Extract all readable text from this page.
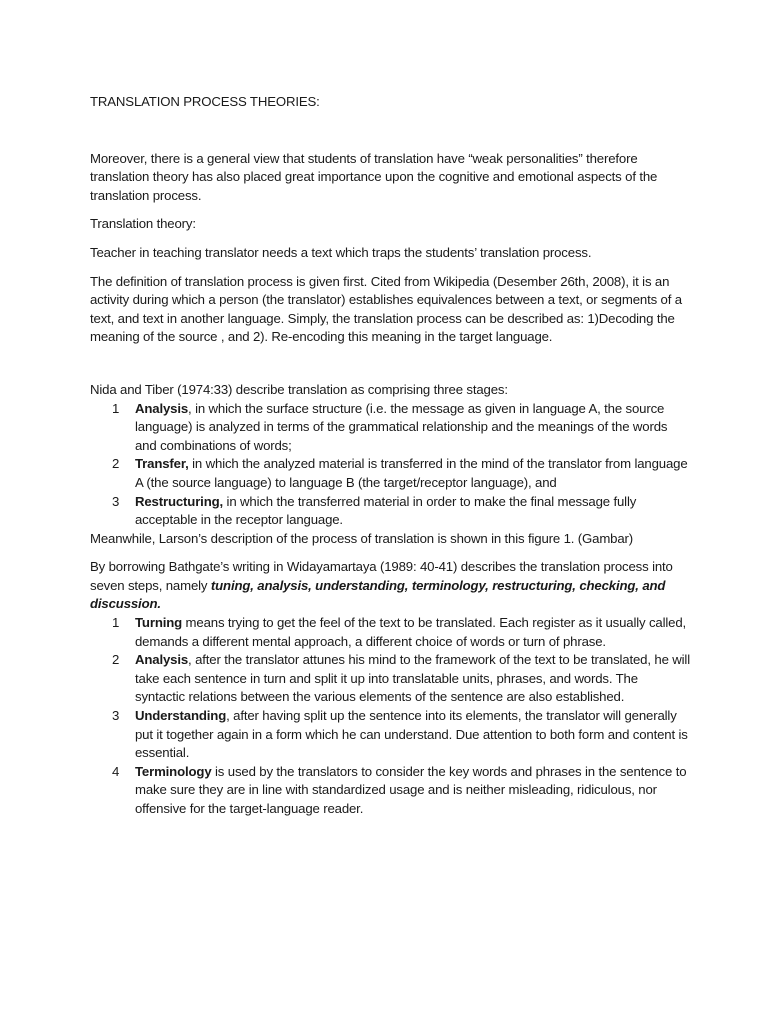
TRANSLATION PROCESS THEORIES:

Moreover, there is a general view that students of translation have “weak personalities” therefore translation theory has also placed great importance upon the cognitive and emotional aspects of the translation process.

Translation theory:

Teacher in teaching translator needs a text which traps the students’ translation process.

The definition of translation process is given first. Cited from Wikipedia (Desember 26th, 2008), it is an activity during which a person (the translator) establishes equivalences between a text, or segments of a text, and text in another language. Simply, the translation process can be described as: 1)Decoding the meaning of the source , and 2). Re-encoding this meaning in the target language.

Nida and Tiber (1974:33) describe translation as comprising three stages:

1 Analysis, in which the surface structure (i.e. the message as given in language A, the source language) is analyzed in terms of the grammatical relationship and the meanings of the words and combinations of words;
2 Transfer, in which the analyzed material is transferred in the mind of the translator from language A (the source language) to language B (the target/receptor language), and
3 Restructuring, in which the transferred material in order to make the final message fully acceptable in the receptor language.

Meanwhile, Larson’s description of the process of translation is shown in this figure 1. (Gambar)

By borrowing Bathgate’s writing in Widayamartaya (1989: 40-41) describes the translation process into seven steps, namely tuning, analysis, understanding, terminology, restructuring, checking, and discussion.

1 Turning means trying to get the feel of the text to be translated. Each register as it usually called, demands a different mental approach, a different choice of words or turn of phrase.
2 Analysis, after the translator attunes his mind to the framework of the text to be translated, he will take each sentence in turn and split it up into translatable units, phrases, and words. The syntactic relations between the various elements of the sentence are also established.
3 Understanding, after having split up the sentence into its elements, the translator will generally put it together again in a form which he can understand. Due attention to both form and content is essential.
4 Terminology is used by the translators to consider the key words and phrases in the sentence to make sure they are in line with standardized usage and is neither misleading, ridiculous, nor offensive for the target-language reader.
